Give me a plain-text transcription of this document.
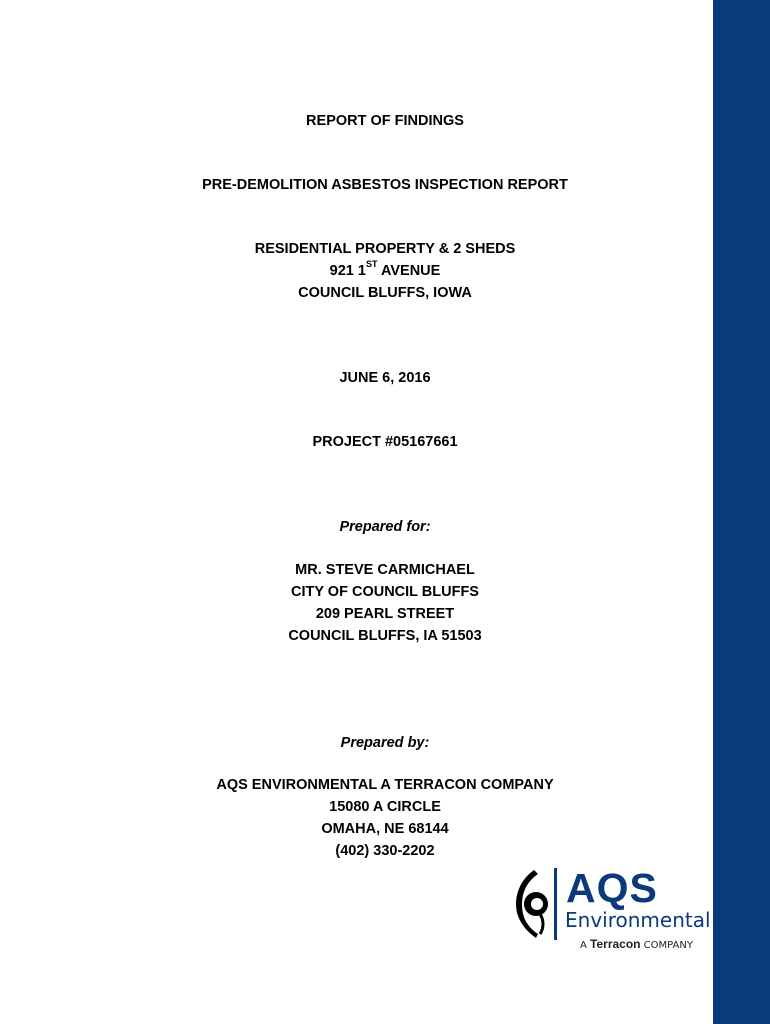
REPORT OF FINDINGS
PRE-DEMOLITION ASBESTOS INSPECTION REPORT
RESIDENTIAL PROPERTY & 2 SHEDS
921 1ST AVENUE
COUNCIL BLUFFS, IOWA
JUNE 6, 2016
PROJECT #05167661
Prepared for:
MR. STEVE CARMICHAEL
CITY OF COUNCIL BLUFFS
209 PEARL STREET
COUNCIL BLUFFS, IA 51503
Prepared by:
AQS ENVIRONMENTAL A TERRACON COMPANY
15080 A CIRCLE
OMAHA, NE 68144
(402) 330-2202
AQS
Environmental
A Terracon COMPANY
